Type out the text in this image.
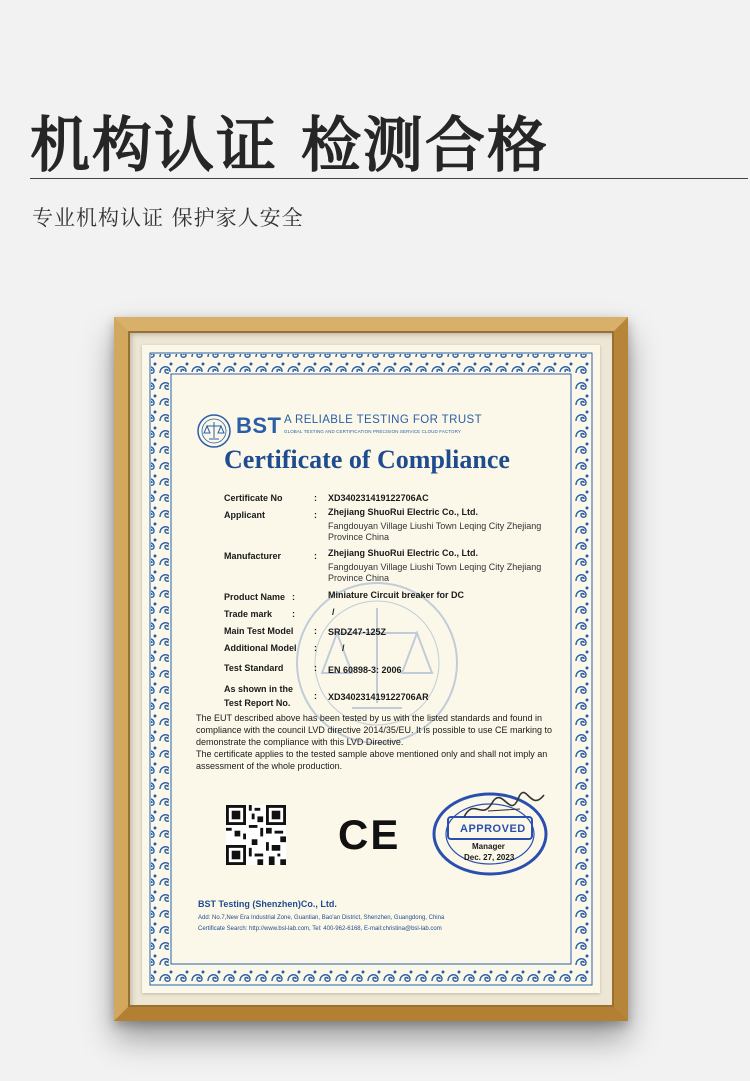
机构认证 检测合格

专业机构认证 保护家人安全

BST A RELIABLE TESTING FOR TRUST
GLOBAL TESTING AND CERTIFICATION PRECISION SERVICE CLOUD FACTORY
Certificate of Compliance
Certificate No	: XD340231419122706AC
Applicant	: Zhejiang ShuoRui Electric Co., Ltd.
Fangdouyan Village Liushi Town Leqing City Zhejiang
Province China
Manufacturer	: Zhejiang ShuoRui Electric Co., Ltd.
Fangdouyan Village Liushi Town Leqing City Zhejiang
Province China
Product Name :	Miniature Circuit breaker for DC
Trade mark :	/
Main Test Model : SRDZ47-125Z
Additional Model :	/
Test Standard	: EN 60898-3: 2006
As shown in the
Test Report No.
: XD340231419122706AR

The EUT described above has been tested by us with the listed standards and found in compliance with the council LVD directive 2014/35/EU. It is possible to use CE marking to demonstrate the compliance with this LVD Directive.

The certificate applies to the tested sample above mentioned only and shall not imply an assessment of the whole production.

CE	APPROVED
Manager
Dec. 27, 2023
BST Testing (Shenzhen)Co., Ltd.
Add: No.7,New Era Industrial Zone, Guantian, Bao'an District, Shenzhen, Guangdong, China
Certificate Search: http://www.bsl-lab.com, Tel: 400-962-6168, E-mail:christina@bsl-lab.com
